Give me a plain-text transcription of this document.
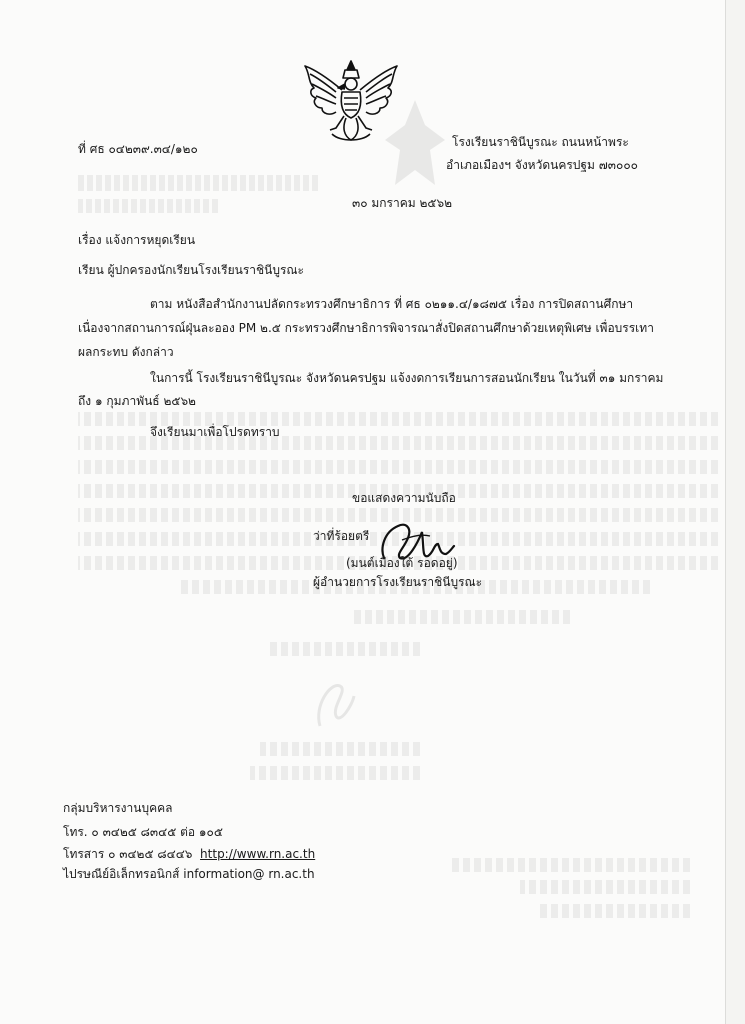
ที่ ศธ ๐๔๒๓๙.๓๔/๑๒๐	โรงเรียนราชินีบูรณะ ถนนหน้าพระ
อำเภอเมืองฯ จังหวัดนครปฐม ๗๓๐๐๐
๓๐ มกราคม ๒๕๖๒
เรื่อง แจ้งการหยุดเรียน
เรียน ผู้ปกครองนักเรียนโรงเรียนราชินีบูรณะ
ตาม หนังสือสำนักงานปลัดกระทรวงศึกษาธิการ ที่ ศธ ๐๒๑๑.๔/๑๘๗๕ เรื่อง การปิดสถานศึกษา
เนื่องจากสถานการณ์ฝุ่นละออง PM ๒.๕ กระทรวงศึกษาธิการพิจารณาสั่งปิดสถานศึกษาด้วยเหตุพิเศษ เพื่อบรรเทา
ผลกระทบ ดังกล่าว
ในการนี้ โรงเรียนราชินีบูรณะ จังหวัดนครปฐม แจ้งงดการเรียนการสอนนักเรียน ในวันที่ ๓๑ มกราคม
ถึง ๑ กุมภาพันธ์ ๒๕๖๒
จึงเรียนมาเพื่อโปรดทราบ
ขอแสดงความนับถือ
ว่าที่ร้อยตรี
(มนต์เมืองใต้ รอดอยู่)
ผู้อำนวยการโรงเรียนราชินีบูรณะ
กลุ่มบริหารงานบุคคล
โทร. ๐ ๓๔๒๕ ๘๓๔๕ ต่อ ๑๐๕
โทรสาร ๐ ๓๔๒๕ ๘๔๔๖ http://www.rn.ac.th
ไปรษณีย์อิเล็กทรอนิกส์ information@ rn.ac.th
